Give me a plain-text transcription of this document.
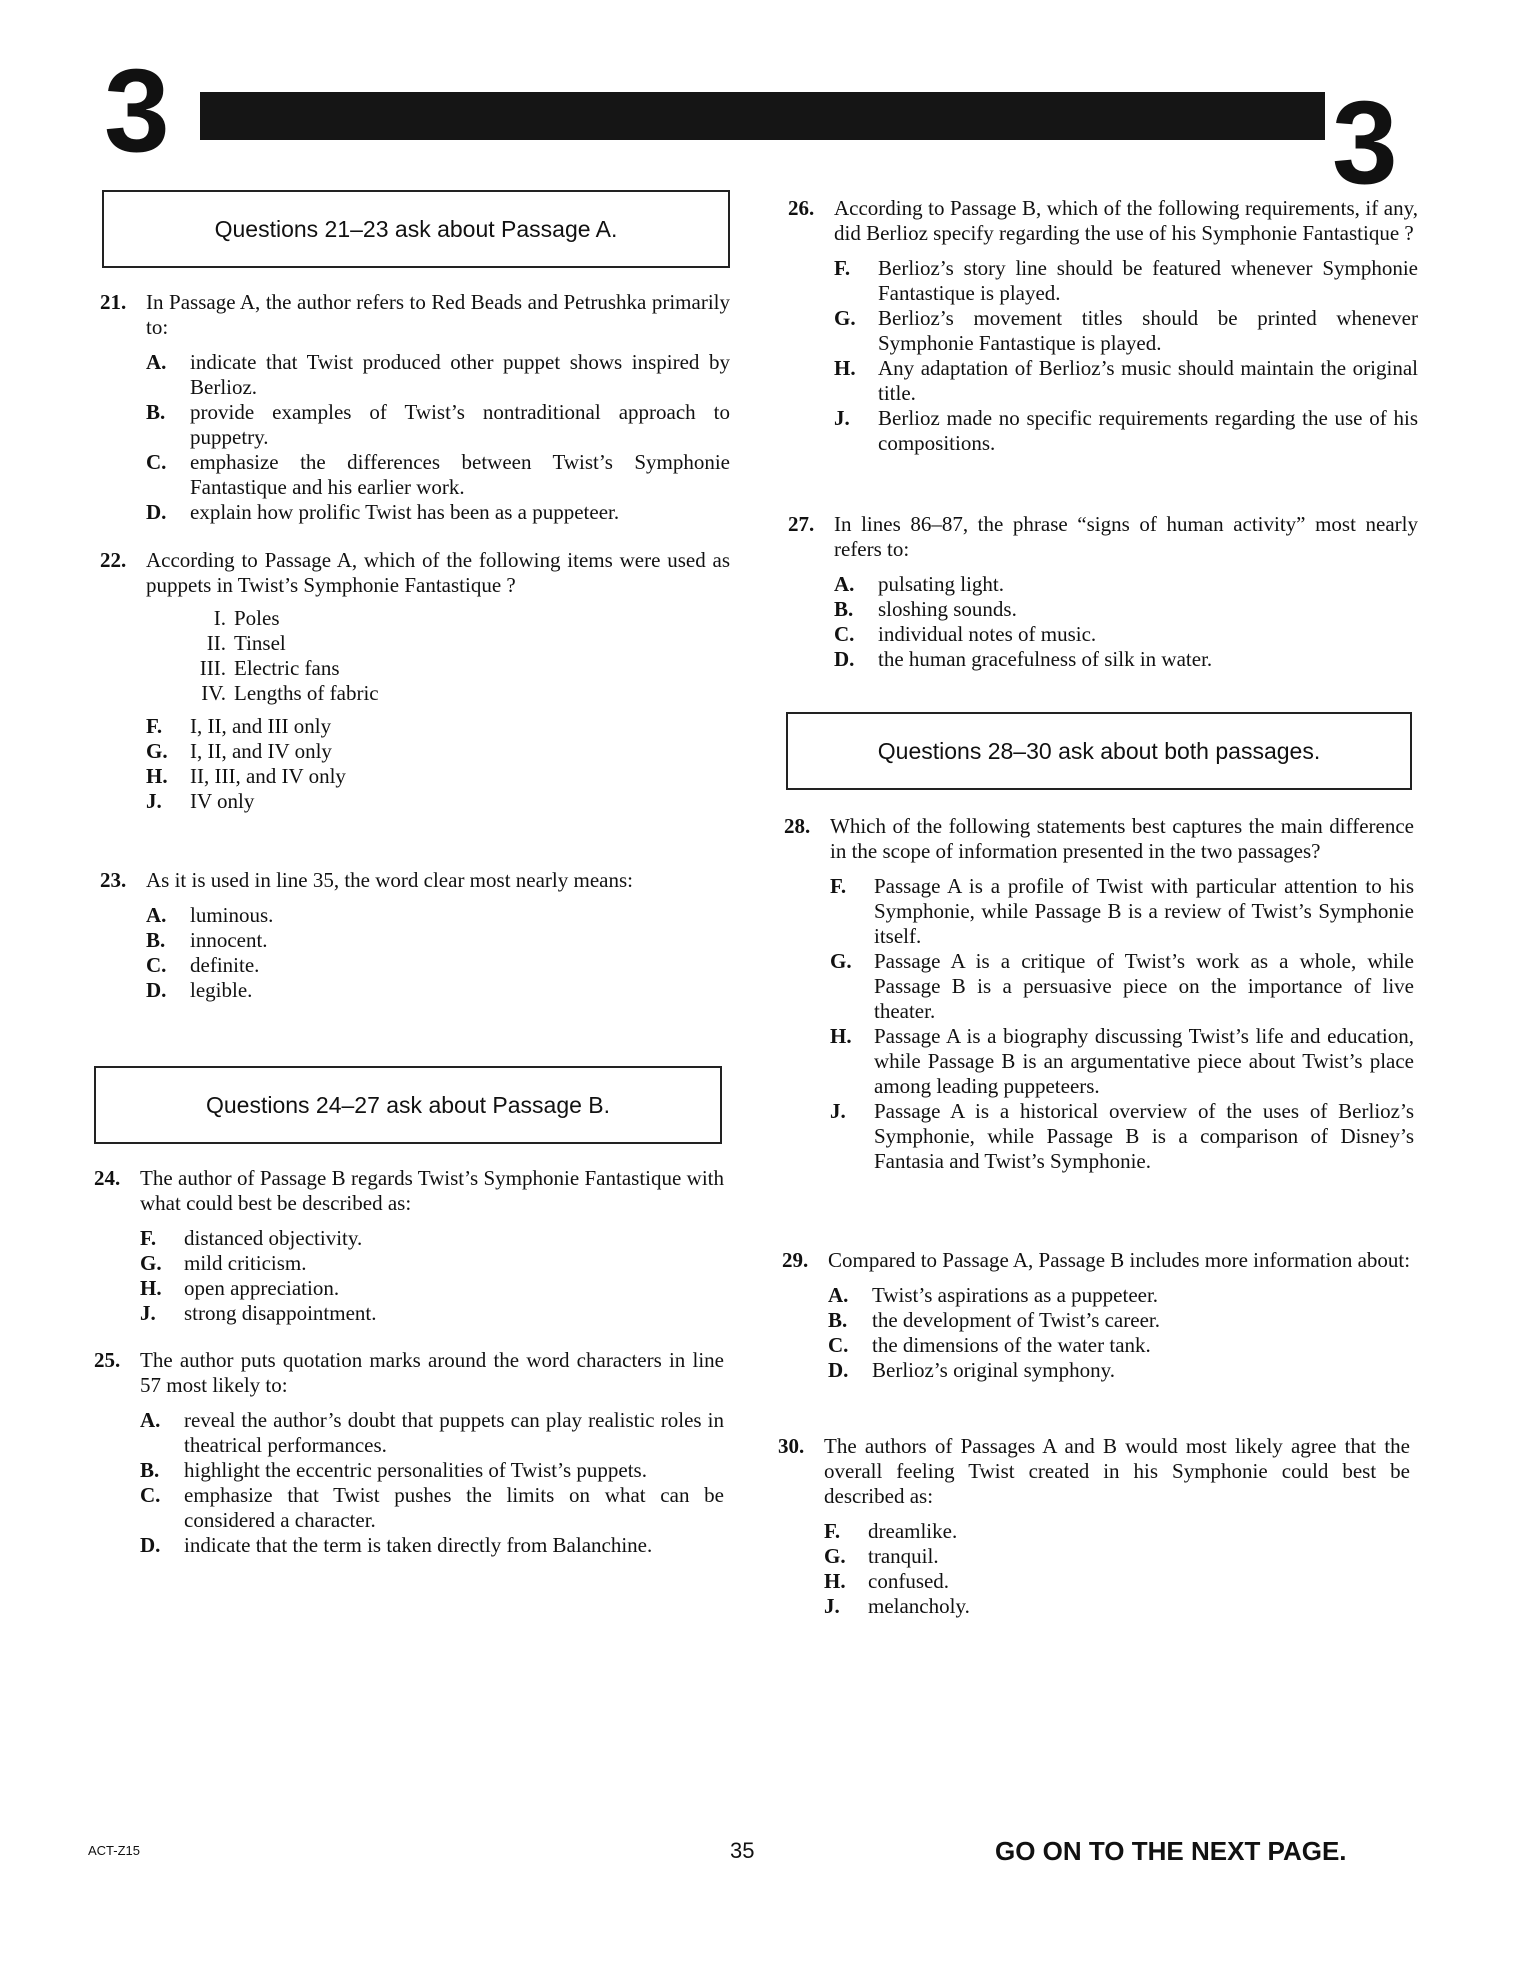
3	3
Questions 21–23 ask about Passage A.
21. In Passage A, the author refers to Red Beads and Petrushka primarily to:
A.	indicate that Twist produced other puppet shows inspired by Berlioz.
B.	provide examples of Twist’s nontraditional approach to puppetry.
C.	emphasize the differences between Twist’s Symphonie Fantastique and his earlier work.
D.	explain how prolific Twist has been as a puppeteer.
22. According to Passage A, which of the following items were used as puppets in Twist’s Symphonie Fantastique ?
I. Poles
II. Tinsel
III. Electric fans
IV. Lengths of fabric
F.	I, II, and III only
G.	I, II, and IV only
H.	II, III, and IV only
J.	IV only
23. As it is used in line 35, the word clear most nearly means:
A.	luminous.
B.	innocent.
C.	definite.
D.	legible.
Questions 24–27 ask about Passage B.
24. The author of Passage B regards Twist’s Symphonie Fantastique with what could best be described as:
F.	distanced objectivity.
G.	mild criticism.
H.	open appreciation.
J.	strong disappointment.
25. The author puts quotation marks around the word characters in line 57 most likely to:
A.	reveal the author’s doubt that puppets can play realistic roles in theatrical performances.
B.	highlight the eccentric personalities of Twist’s puppets.
C.	emphasize that Twist pushes the limits on what can be considered a character.
D.	indicate that the term is taken directly from Balanchine.
26. According to Passage B, which of the following requirements, if any, did Berlioz specify regarding the use of his Symphonie Fantastique ?
F.	Berlioz’s story line should be featured whenever Symphonie Fantastique is played.
G.	Berlioz’s movement titles should be printed whenever Symphonie Fantastique is played.
H.	Any adaptation of Berlioz’s music should maintain the original title.
J.	Berlioz made no specific requirements regarding the use of his compositions.
27. In lines 86–87, the phrase “signs of human activity” most nearly refers to:
A.	pulsating light.
B.	sloshing sounds.
C.	individual notes of music.
D.	the human gracefulness of silk in water.
Questions 28–30 ask about both passages.
28. Which of the following statements best captures the main difference in the scope of information presented in the two passages?
F.	Passage A is a profile of Twist with particular attention to his Symphonie, while Passage B is a review of Twist’s Symphonie itself.
G.	Passage A is a critique of Twist’s work as a whole, while Passage B is a persuasive piece on the importance of live theater.
H.	Passage A is a biography discussing Twist’s life and education, while Passage B is an argumentative piece about Twist’s place among leading puppeteers.
J.	Passage A is a historical overview of the uses of Berlioz’s Symphonie, while Passage B is a comparison of Disney’s Fantasia and Twist’s Symphonie.
29. Compared to Passage A, Passage B includes more information about:
A.	Twist’s aspirations as a puppeteer.
B.	the development of Twist’s career.
C.	the dimensions of the water tank.
D.	Berlioz’s original symphony.
30. The authors of Passages A and B would most likely agree that the overall feeling Twist created in his Symphonie could best be described as:
F.	dreamlike.
G.	tranquil.
H.	confused.
J.	melancholy.
ACT-Z15	35	GO ON TO THE NEXT PAGE.
